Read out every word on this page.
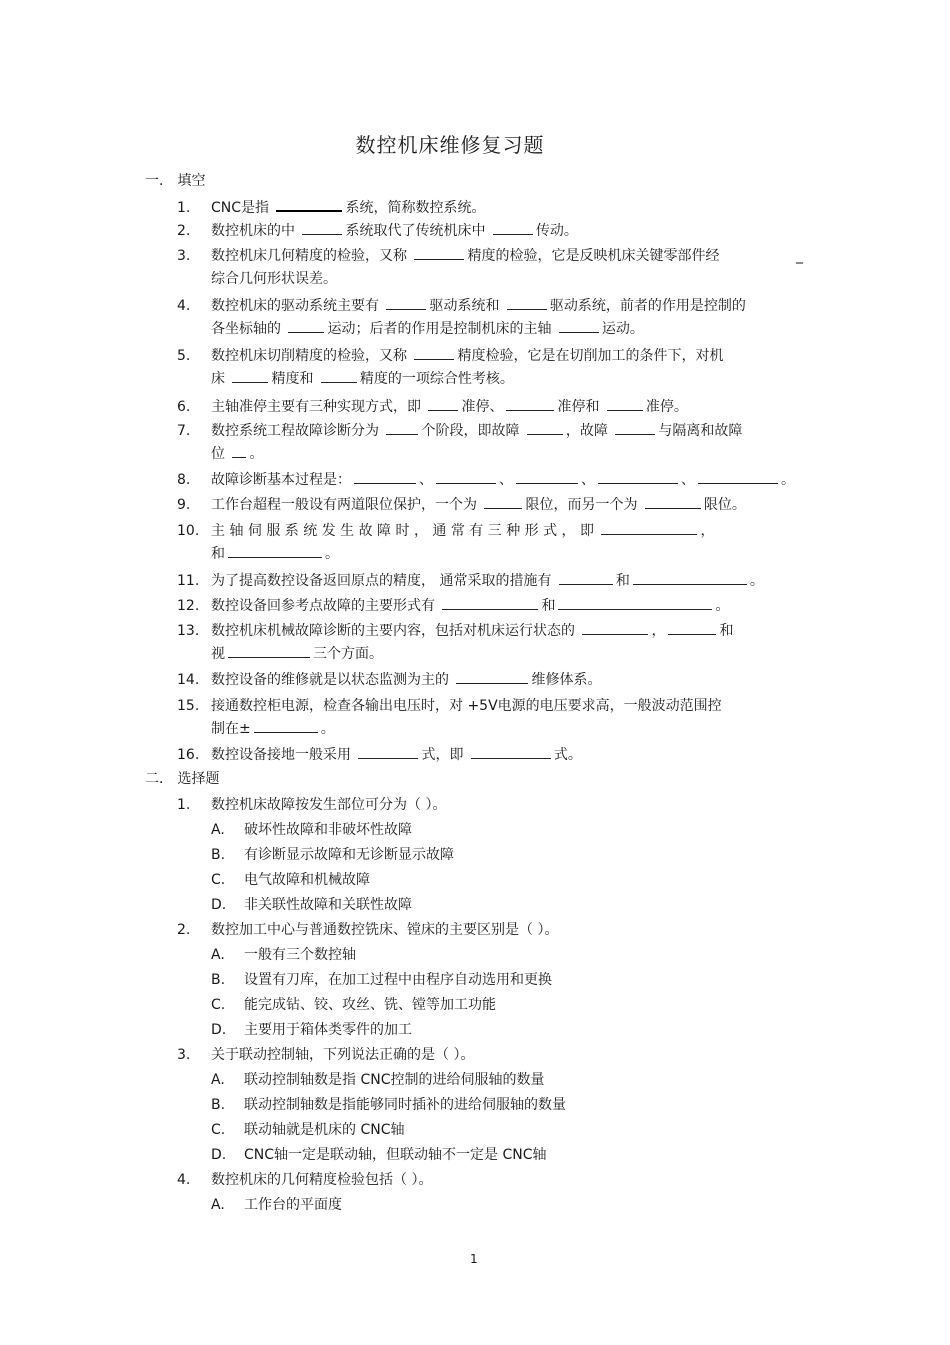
数控机床维修复习题
一． 填空
1. CNC是指	系统，简称数控系统。
2. 数控机床的中	系统取代了传统机床中	传动。
3. 数控机床几何精度的检验，又称	精度的检验，它是反映机床关键零部件经	_
综合几何形状误差。
4. 数控机床的驱动系统主要有	驱动系统和	驱动系统，前者的作用是控制的
各坐标轴的	运动；后者的作用是控制机床的主轴	运动。
5. 数控机床切削精度的检验，又称	精度检验，它是在切削加工的条件下，对机
床	精度和	精度的一项综合性考核。
6. 主轴准停主要有三种实现方式，即	准停、	准停和	准停。
7. 数控系统工程故障诊断分为	个阶段，即故障	，故障	与隔离和故障
位 。
8. 故障诊断基本过程是：	、	、	、	、	。
9. 工作台超程一般设有两道限位保护，一个为	限位，而另一个为	限位。
10. 主 轴 伺 服 系 统 发 生 故 障 时 ， 通 常 有 三 种 形 式 ， 即	，
和	。
11. 为了提高数控设备返回原点的精度， 通常采取的措施有	和	。
12. 数控设备回参考点故障的主要形式有	和	。
13. 数控机床机械故障诊断的主要内容，包括对机床运行状态的	，	和
视	三个方面。
14. 数控设备的维修就是以状态监测为主的	维修体系。
15. 接通数控柜电源，检查各输出电压时，对 +5V电源的电压要求高，一般波动范围控
制在±	。
16. 数控设备接地一般采用	式，即	式。
二． 选择题
1. 数控机床故障按发生部位可分为（ ）。
A. 破坏性故障和非破坏性故障
B. 有诊断显示故障和无诊断显示故障
C. 电气故障和机械故障
D. 非关联性故障和关联性故障
2. 数控加工中心与普通数控铣床、镗床的主要区别是（ ）。
A. 一般有三个数控轴
B. 设置有刀库，在加工过程中由程序自动选用和更换
C. 能完成钻、铰、攻丝、铣、镗等加工功能
D. 主要用于箱体类零件的加工
3. 关于联动控制轴，下列说法正确的是（ ）。
A. 联动控制轴数是指 CNC控制的进给伺服轴的数量
B. 联动控制轴数是指能够同时插补的进给伺服轴的数量
C. 联动轴就是机床的 CNC轴
D. CNC轴一定是联动轴，但联动轴不一定是 CNC轴
4. 数控机床的几何精度检验包括（ ）。
A. 工作台的平面度
1
